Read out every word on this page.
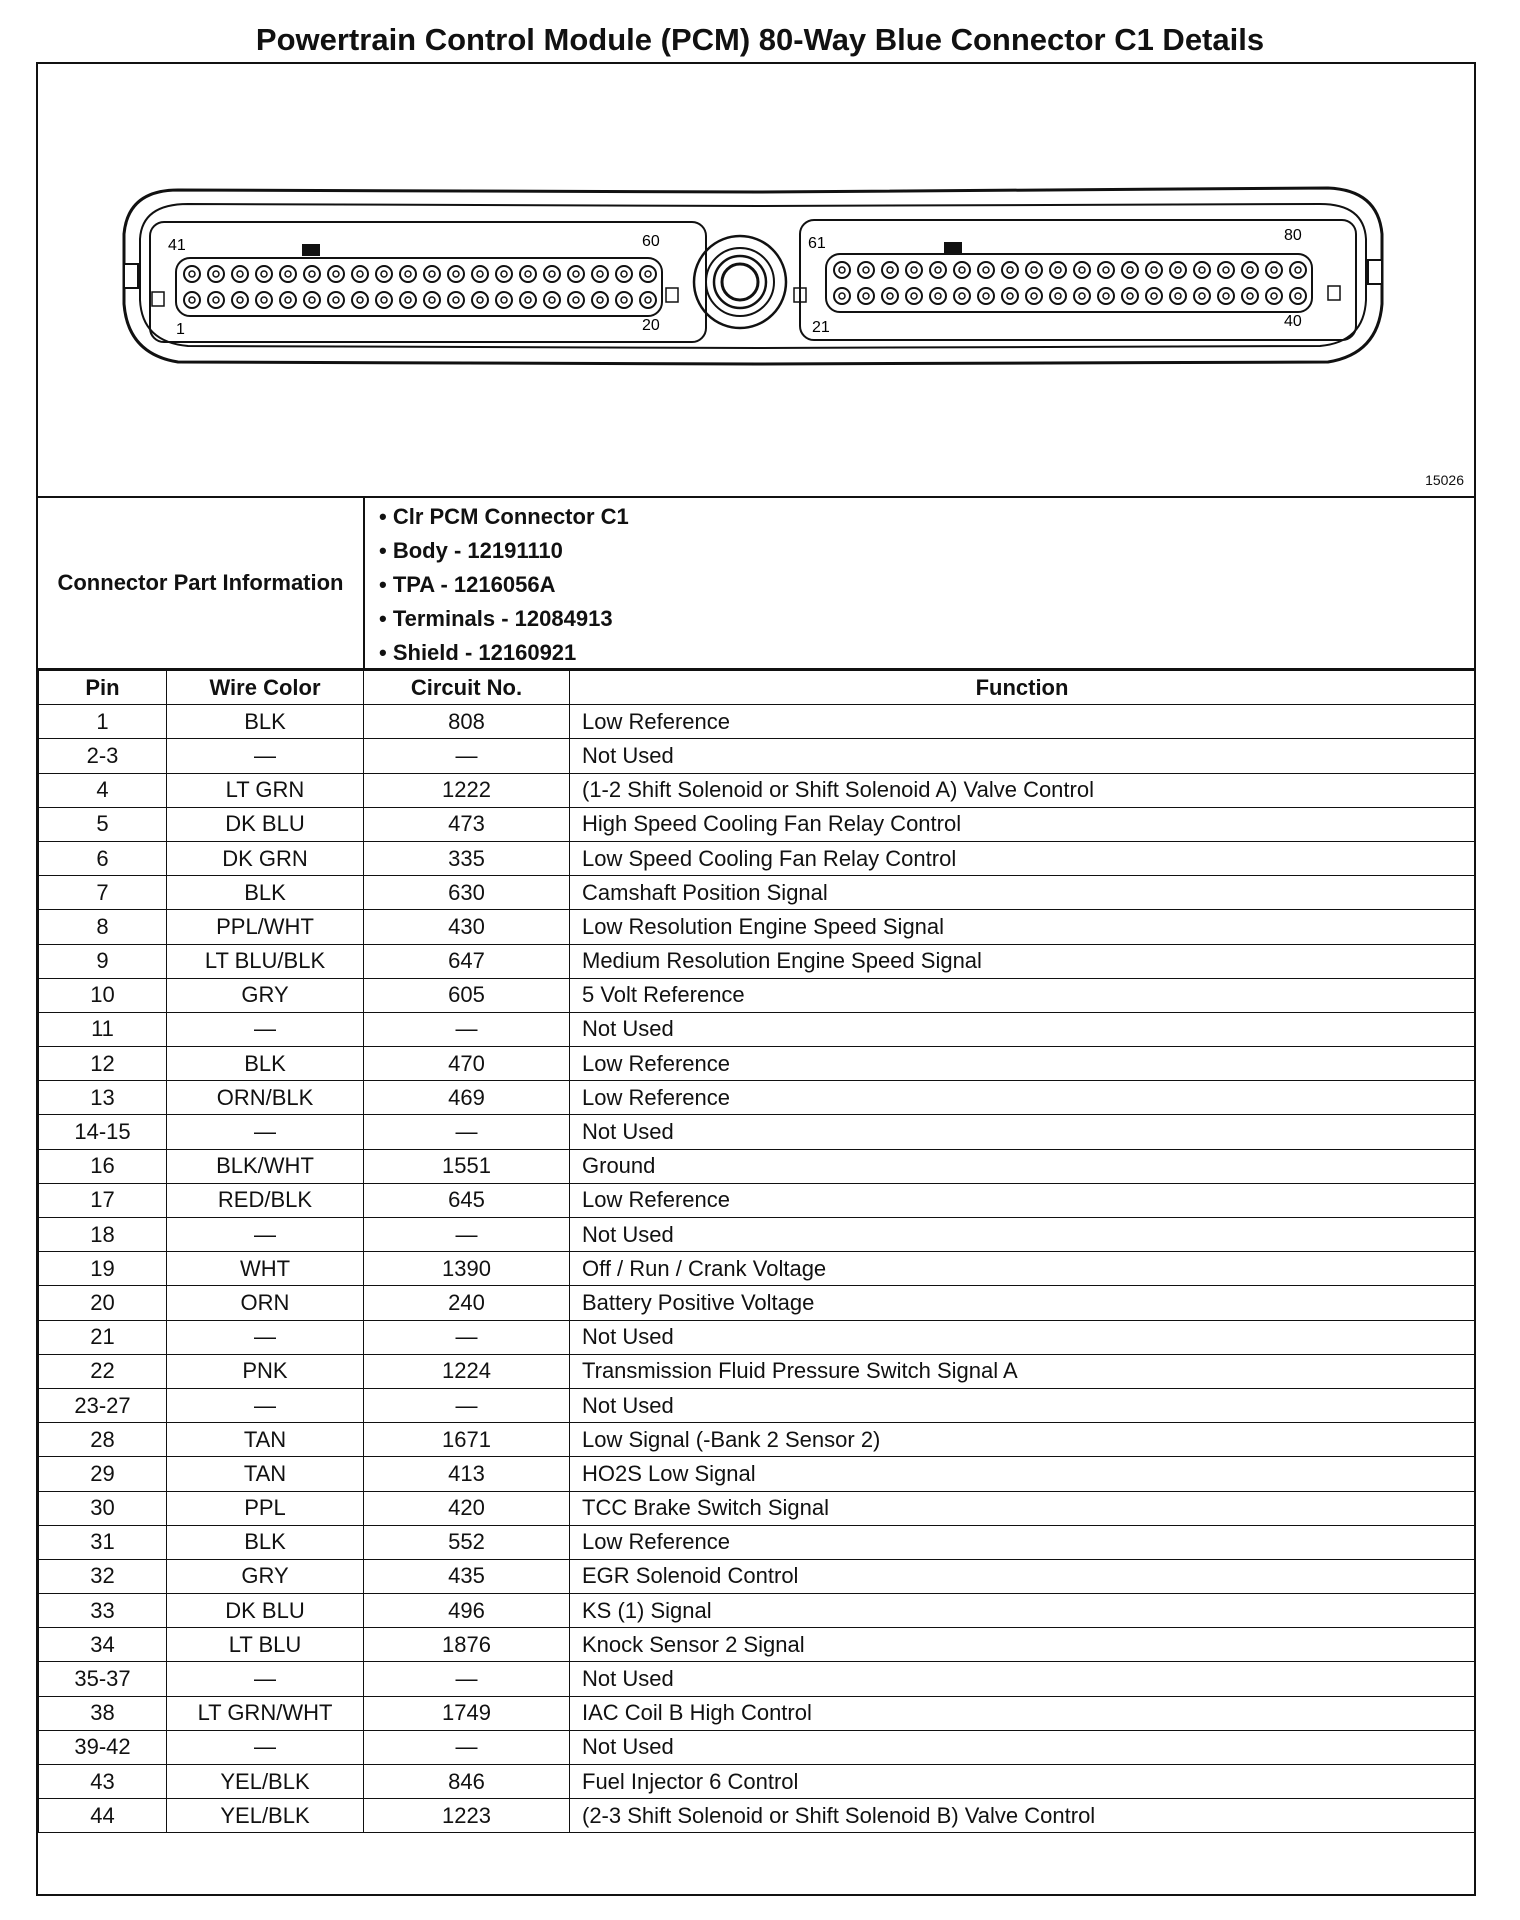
Powertrain Control Module (PCM) 80-Way Blue Connector C1 Details
41	60
1	20
61	80
21	40
15026
Connector Part Information
• Clr PCM Connector C1
• Body - 12191110
• TPA - 1216056A
• Terminals - 12084913
• Shield - 12160921
Pin	Wire Color	Circuit No.	Function
1	BLK	808	Low Reference
2-3	—	—	Not Used
4	LT GRN	1222	(1-2 Shift Solenoid or Shift Solenoid A) Valve Control
5	DK BLU	473	High Speed Cooling Fan Relay Control
6	DK GRN	335	Low Speed Cooling Fan Relay Control
7	BLK	630	Camshaft Position Signal
8	PPL/WHT	430	Low Resolution Engine Speed Signal
9	LT BLU/BLK	647	Medium Resolution Engine Speed Signal
10	GRY	605	5 Volt Reference
11	—	—	Not Used
12	BLK	470	Low Reference
13	ORN/BLK	469	Low Reference
14-15	—	—	Not Used
16	BLK/WHT	1551	Ground
17	RED/BLK	645	Low Reference
18	—	—	Not Used
19	WHT	1390	Off / Run / Crank Voltage
20	ORN	240	Battery Positive Voltage
21	—	—	Not Used
22	PNK	1224	Transmission Fluid Pressure Switch Signal A
23-27	—	—	Not Used
28	TAN	1671	Low Signal (-Bank 2 Sensor 2)
29	TAN	413	HO2S Low Signal
30	PPL	420	TCC Brake Switch Signal
31	BLK	552	Low Reference
32	GRY	435	EGR Solenoid Control
33	DK BLU	496	KS (1) Signal
34	LT BLU	1876	Knock Sensor 2 Signal
35-37	—	—	Not Used
38	LT GRN/WHT	1749	IAC Coil B High Control
39-42	—	—	Not Used
43	YEL/BLK	846	Fuel Injector 6 Control
44	YEL/BLK	1223	(2-3 Shift Solenoid or Shift Solenoid B) Valve Control
